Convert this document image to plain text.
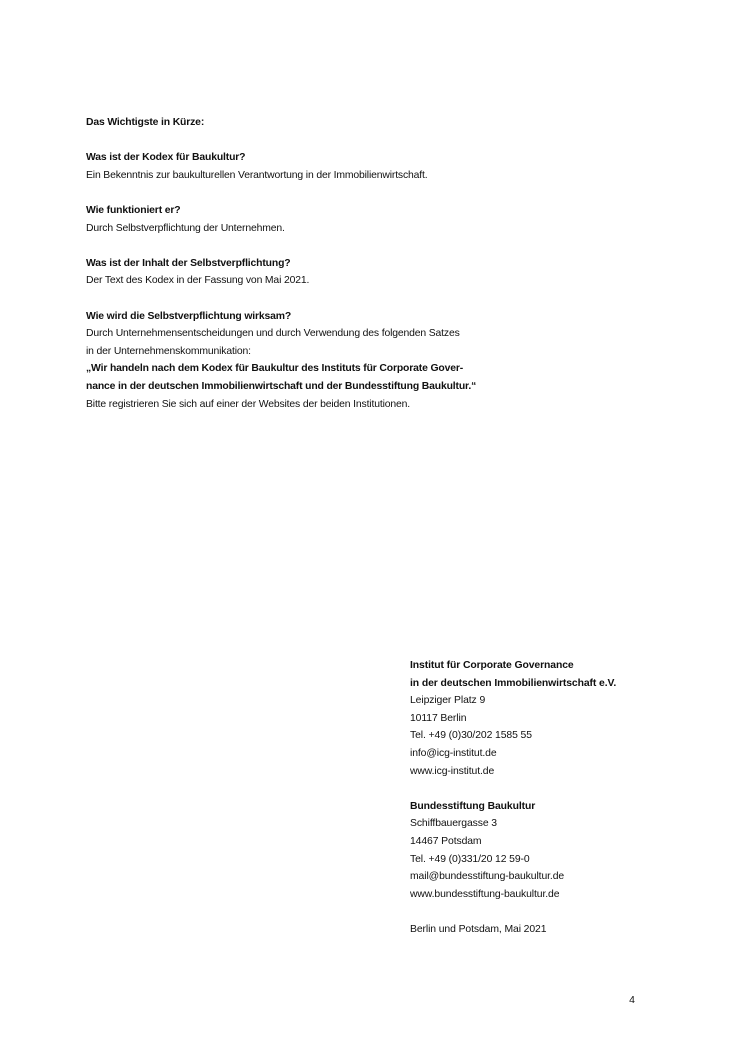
Das Wichtigste in Kürze:

Was ist der Kodex für Baukultur?

Ein Bekenntnis zur baukulturellen Verantwortung in der Immobilienwirtschaft.

Wie funktioniert er?

Durch Selbstverpflichtung der Unternehmen.

Was ist der Inhalt der Selbstverpflichtung?

Der Text des Kodex in der Fassung von Mai 2021.

Wie wird die Selbstverpflichtung wirksam?

Durch Unternehmensentscheidungen und durch Verwendung des folgenden Satzes

in der Unternehmenskommunikation:

„Wir handeln nach dem Kodex für Baukultur des Instituts für Corporate Gover-

nance in der deutschen Immobilienwirtschaft und der Bundesstiftung Baukultur.“

Bitte registrieren Sie sich auf einer der Websites der beiden Institutionen.

Institut für Corporate Governance

in der deutschen Immobilienwirtschaft e.V.

Leipziger Platz 9

10117 Berlin

Tel. +49 (0)30/202 1585 55

info@icg-institut.de

www.icg-institut.de

Bundesstiftung Baukultur

Schiffbauergasse 3

14467 Potsdam

Tel. +49 (0)331/20 12 59-0

mail@bundesstiftung-baukultur.de

www.bundesstiftung-baukultur.de

Berlin und Potsdam, Mai 2021

4
